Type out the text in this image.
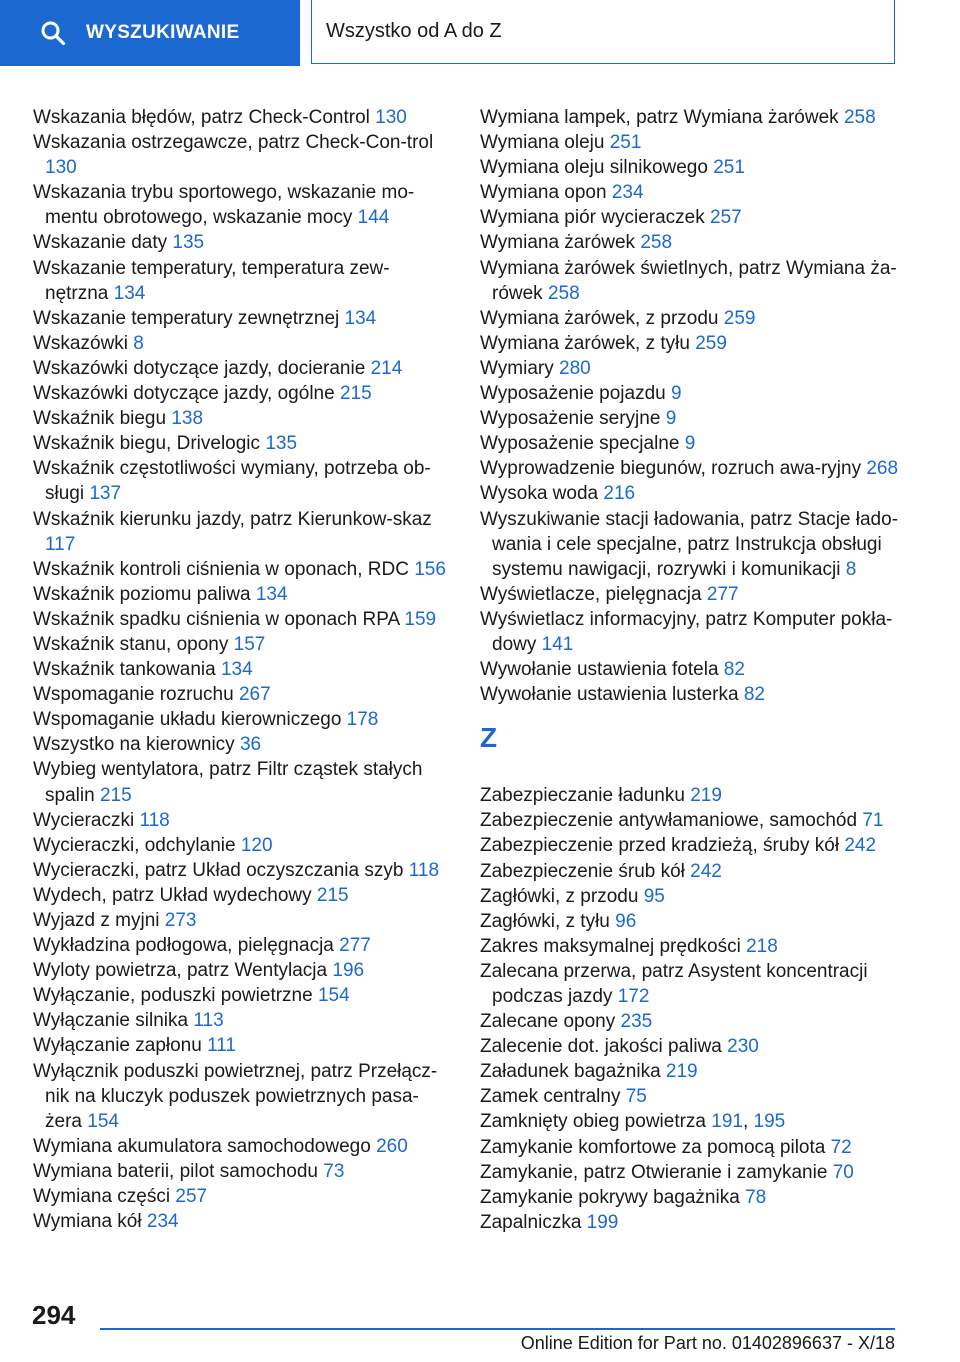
WYSZUKIWANIE	Wszystko od A do Z
Wskazania błędów, patrz Check-Control 130
Wskazania ostrzegawcze, patrz Check-Con‐trol 130
Wskazania trybu sportowego, wskazanie mo‐mentu obrotowego, wskazanie mocy 144
Wskazanie daty 135
Wskazanie temperatury, temperatura zew‐nętrzna 134
Wskazanie temperatury zewnętrznej 134
Wskazówki 8
Wskazówki dotyczące jazdy, docieranie 214
Wskazówki dotyczące jazdy, ogólne 215
Wskaźnik biegu 138
Wskaźnik biegu, Drivelogic 135
Wskaźnik częstotliwości wymiany, potrzeba ob‐sługi 137
Wskaźnik kierunku jazdy, patrz Kierunkow‐skaz 117
Wskaźnik kontroli ciśnienia w oponach, RDC 156
Wskaźnik poziomu paliwa 134
Wskaźnik spadku ciśnienia w oponach RPA 159
Wskaźnik stanu, opony 157
Wskaźnik tankowania 134
Wspomaganie rozruchu 267
Wspomaganie układu kierowniczego 178
Wszystko na kierownicy 36
Wybieg wentylatora, patrz Filtr cząstek stałych spalin 215
Wycieraczki 118
Wycieraczki, odchylanie 120
Wycieraczki, patrz Układ oczyszczania szyb 118
Wydech, patrz Układ wydechowy 215
Wyjazd z myjni 273
Wykładzina podłogowa, pielęgnacja 277
Wyloty powietrza, patrz Wentylacja 196
Wyłączanie, poduszki powietrzne 154
Wyłączanie silnika 113
Wyłączanie zapłonu 111
Wyłącznik poduszki powietrznej, patrz Przełącz‐nik na kluczyk poduszek powietrznych pasa‐żera 154
Wymiana akumulatora samochodowego 260
Wymiana baterii, pilot samochodu 73
Wymiana części 257
Wymiana kół 234
Wymiana lampek, patrz Wymiana żarówek 258
Wymiana oleju 251
Wymiana oleju silnikowego 251
Wymiana opon 234
Wymiana piór wycieraczek 257
Wymiana żarówek 258
Wymiana żarówek świetlnych, patrz Wymiana ża‐rówek 258
Wymiana żarówek, z przodu 259
Wymiana żarówek, z tyłu 259
Wymiary 280
Wyposażenie pojazdu 9
Wyposażenie seryjne 9
Wyposażenie specjalne 9
Wyprowadzenie biegunów, rozruch awa‐ryjny 268
Wysoka woda 216
Wyszukiwanie stacji ładowania, patrz Stacje łado‐wania i cele specjalne, patrz Instrukcja obsługi systemu nawigacji, rozrywki i komunikacji 8
Wyświetlacze, pielęgnacja 277
Wyświetlacz informacyjny, patrz Komputer pokła‐dowy 141
Wywołanie ustawienia fotela 82
Wywołanie ustawienia lusterka 82
Z
Zabezpieczanie ładunku 219
Zabezpieczenie antywłamaniowe, samochód 71
Zabezpieczenie przed kradzieżą, śruby kół 242
Zabezpieczenie śrub kół 242
Zagłówki, z przodu 95
Zagłówki, z tyłu 96
Zakres maksymalnej prędkości 218
Zalecana przerwa, patrz Asystent koncentracji podczas jazdy 172
Zalecane opony 235
Zalecenie dot. jakości paliwa 230
Załadunek bagażnika 219
Zamek centralny 75
Zamknięty obieg powietrza 191, 195
Zamykanie komfortowe za pomocą pilota 72
Zamykanie, patrz Otwieranie i zamykanie 70
Zamykanie pokrywy bagażnika 78
Zapalniczka 199
294
Online Edition for Part no. 01402896637 - X/18
